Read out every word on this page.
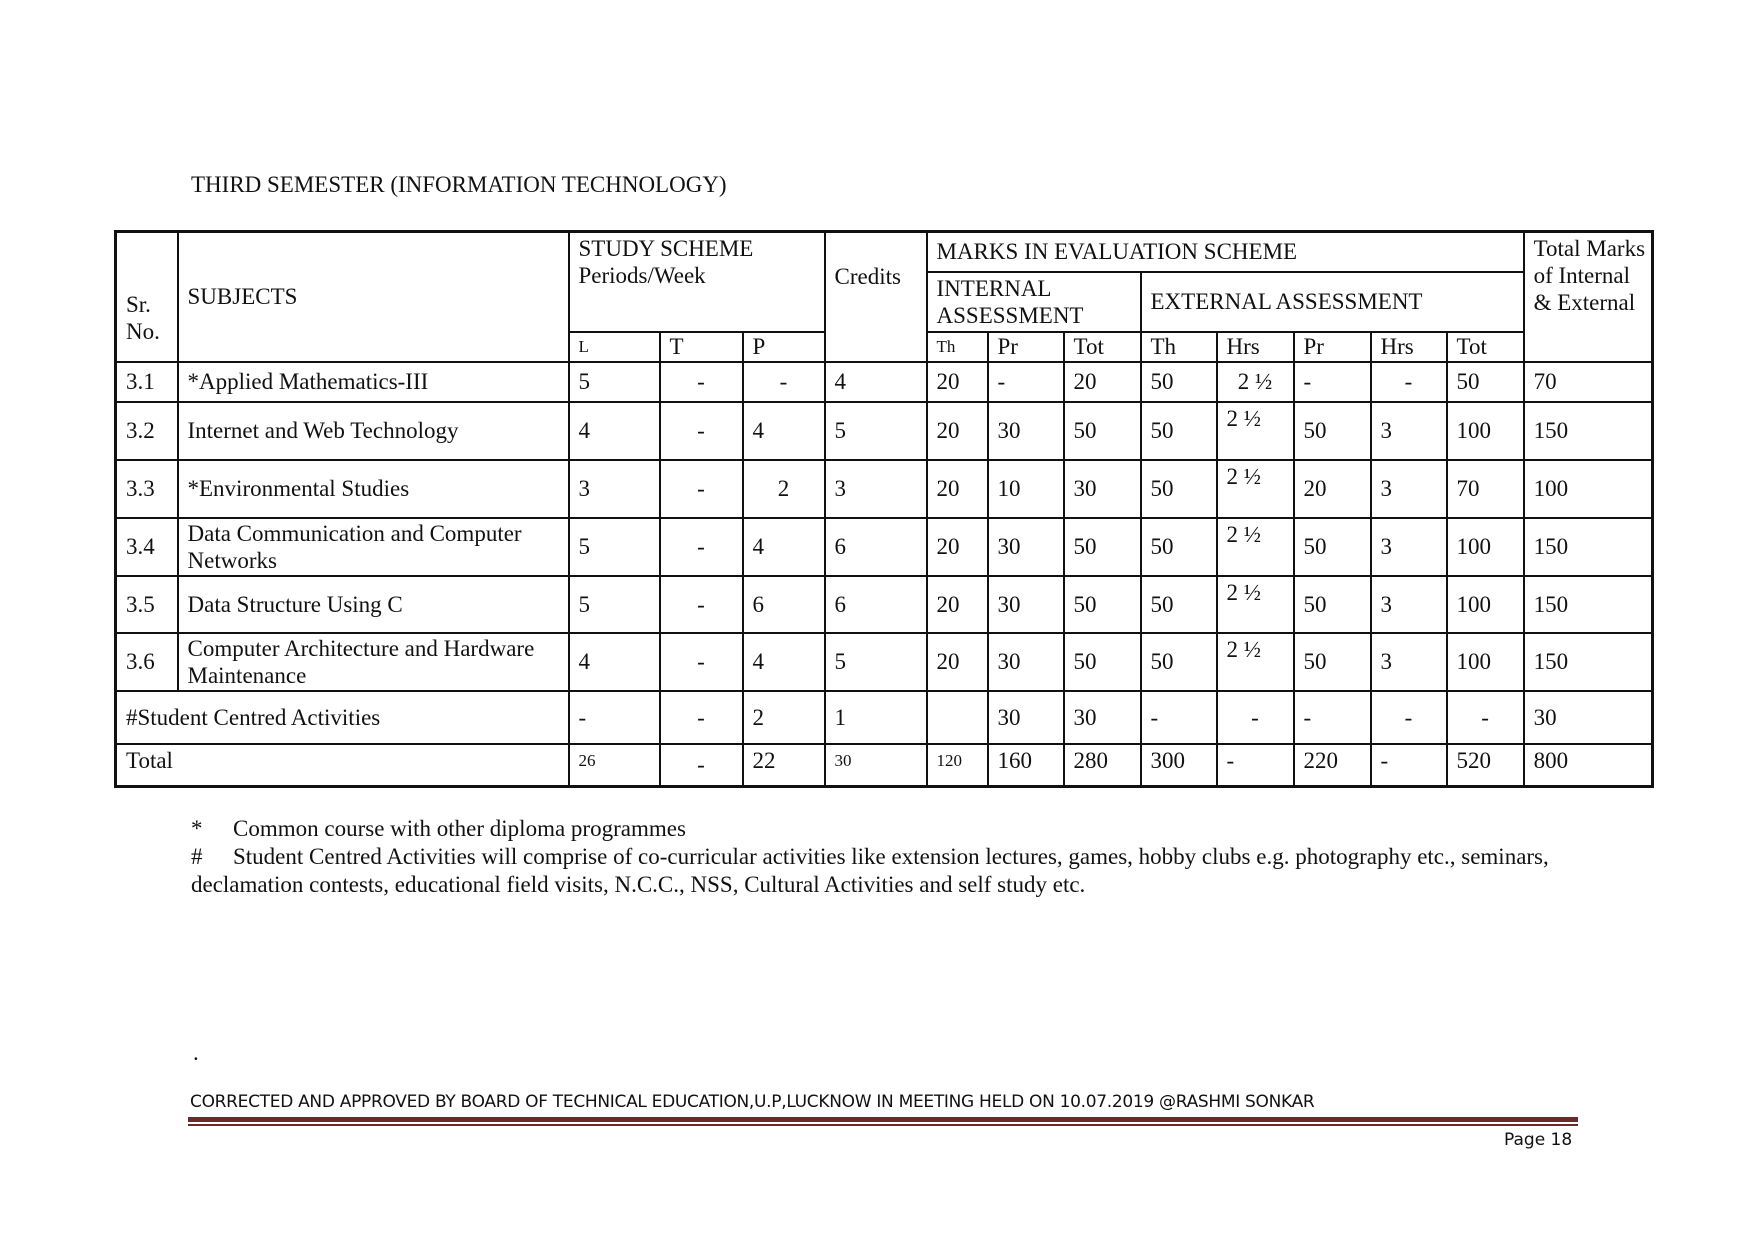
THIRD SEMESTER (INFORMATION TECHNOLOGY)
Sr. No.	SUBJECTS	STUDY SCHEME Periods/Week			Credits	MARKS IN EVALUATION SCHEME								Total Marks of Internal & External
						INTERNAL ASSESSMENT			EXTERNAL ASSESSMENT					
		L	T	P		Th	Pr	Tot	Th	Hrs	Pr	Hrs	Tot	
3.1	*Applied Mathematics-III	5	-	-	4	20	-	20	50	2 ½	-	-	50	70
3.2	Internet and Web Technology	4	-	4	5	20	30	50	50	2 ½	50	3	100	150
3.3	*Environmental Studies	3	-	2	3	20	10	30	50	2 ½	20	3	70	100
3.4	Data Communication and Computer Networks	5	-	4	6	20	30	50	50	2 ½	50	3	100	150
3.5	Data Structure Using C	5	-	6	6	20	30	50	50	2 ½	50	3	100	150
3.6	Computer Architecture and Hardware Maintenance	4	-	4	5	20	30	50	50	2 ½	50	3	100	150
#Student Centred Activities		-	-	2	1		30	30	-	-	-	-	-	30
Total		26	-	22	30	120	160	280	300	-	220	-	520	800
* Common course with other diploma programmes
# Student Centred Activities will comprise of co-curricular activities like extension lectures, games, hobby clubs e.g. photography etc., seminars, declamation contests, educational field visits, N.C.C., NSS, Cultural Activities and self study etc.
.
CORRECTED AND APPROVED BY BOARD OF TECHNICAL EDUCATION,U.P,LUCKNOW IN MEETING HELD ON 10.07.2019 @RASHMI SONKAR
Page 18
